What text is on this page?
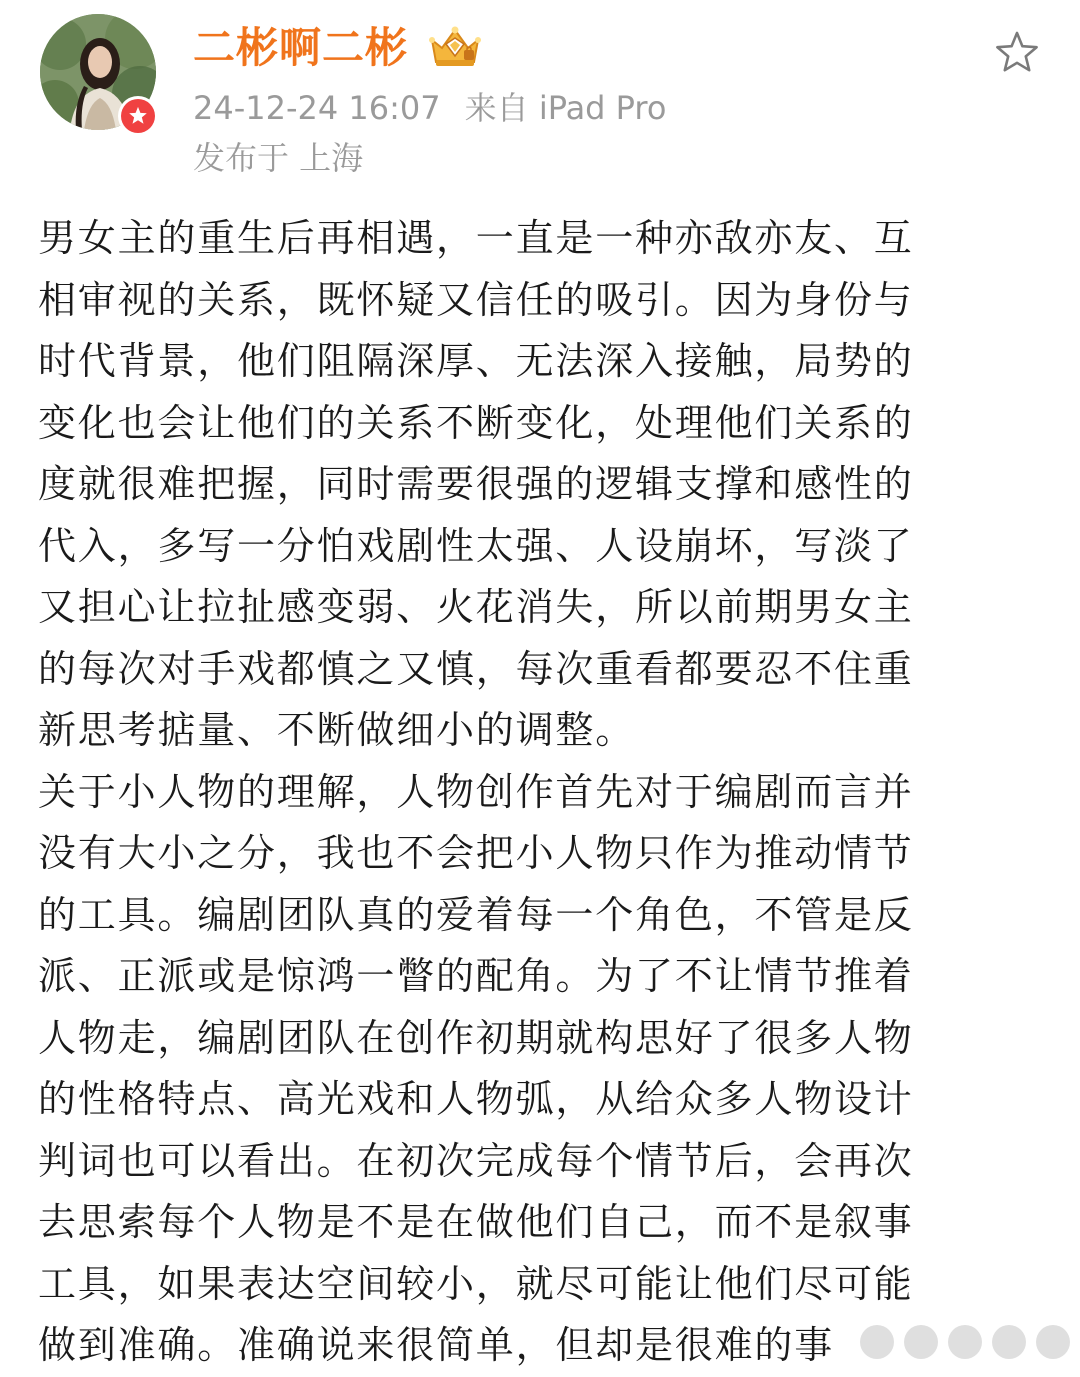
二彬啊二彬
24-12-24 16:07 来自 iPad Pro
发布于 上海

男女主的重生后再相遇，一直是一种亦敌亦友、互
相审视的关系，既怀疑又信任的吸引。因为身份与
时代背景，他们阻隔深厚、无法深入接触，局势的
变化也会让他们的关系不断变化，处理他们关系的
度就很难把握，同时需要很强的逻辑支撑和感性的
代入，多写一分怕戏剧性太强、人设崩坏，写淡了
又担心让拉扯感变弱、火花消失，所以前期男女主
的每次对手戏都慎之又慎，每次重看都要忍不住重
新思考掂量、不断做细小的调整。

关于小人物的理解，人物创作首先对于编剧而言并
没有大小之分，我也不会把小人物只作为推动情节
的工具。编剧团队真的爱着每一个角色，不管是反
派、正派或是惊鸿一瞥的配角。为了不让情节推着
人物走，编剧团队在创作初期就构思好了很多人物
的性格特点、高光戏和人物弧，从给众多人物设计
判词也可以看出。在初次完成每个情节后，会再次
去思索每个人物是不是在做他们自己，而不是叙事
工具，如果表达空间较小，就尽可能让他们尽可能
做到准确。准确说来很简单，但却是很难的事
